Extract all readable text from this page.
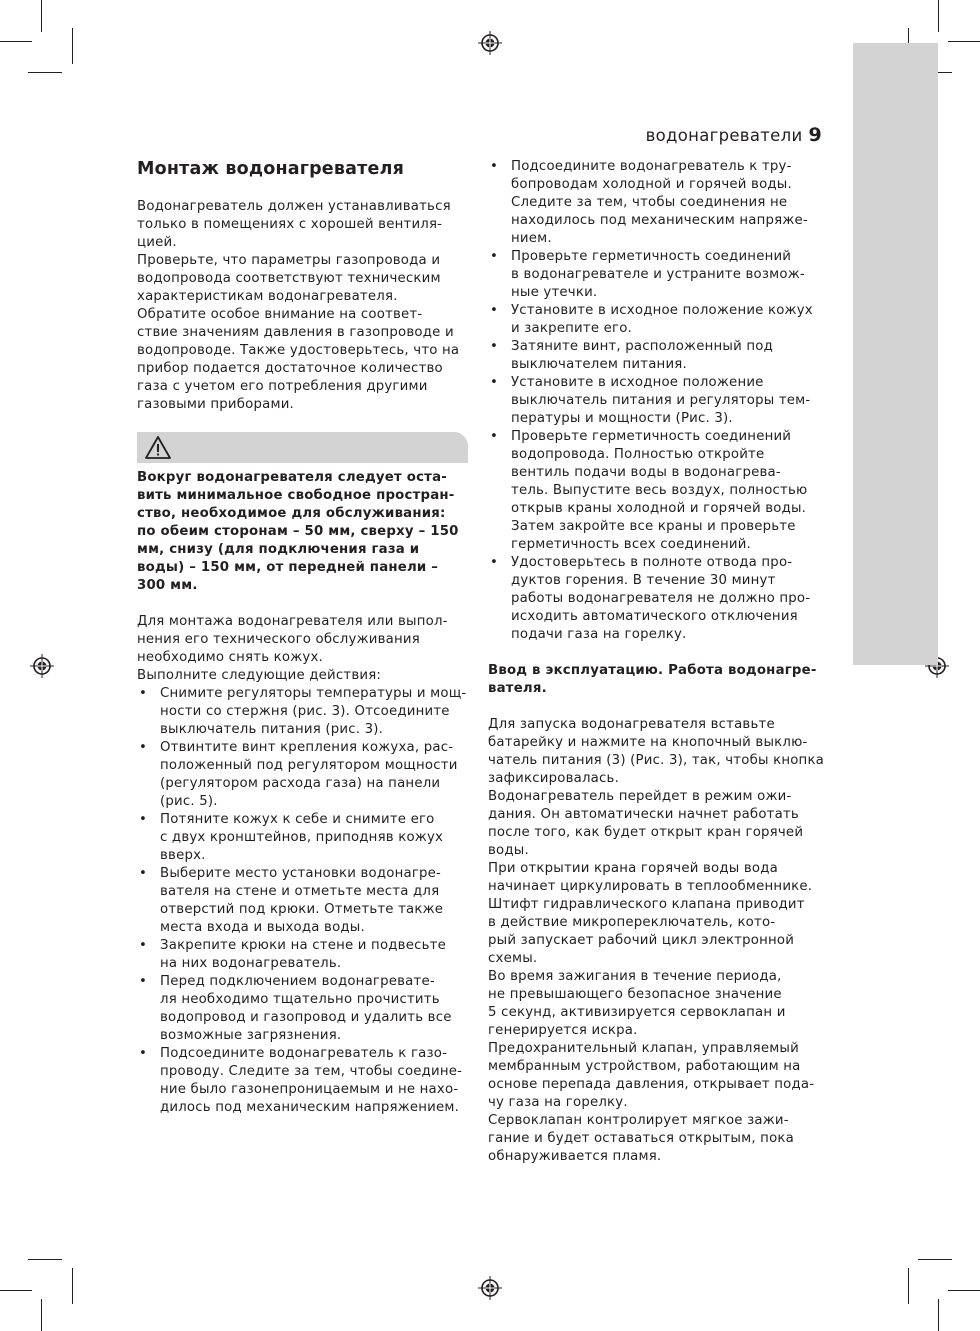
водонагреватели 9
Монтаж водонагревателя

Водонагреватель должен устанавливаться

только в помещениях с хорошей вентиля-

цией.

Проверьте, что параметры газопровода и

водопровода соответствуют техническим

характеристикам водонагревателя.

Обратите особое внимание на соответ-

ствие значениям давления в газопроводе и

водопроводе. Также удостоверьтесь, что на

прибор подается достаточное количество

газа с учетом его потребления другими

газовыми приборами.

Вокруг водонагревателя следует оста-

вить минимальное свободное простран-

ство, необходимое для обслуживания:

по обеим сторонам – 50 мм, сверху – 150

мм, снизу (для подключения газа и

воды) – 150 мм, от передней панели –

300 мм.

Для монтажа водонагревателя или выпол-

нения его технического обслуживания

необходимо снять кожух.

Выполните следующие действия:

• Снимите регуляторы температуры и мощ-

ности со стержня (рис. 3). Отсоедините

выключатель питания (рис. 3).

• Отвинтите винт крепления кожуха, рас-

положенный под регулятором мощности

(регулятором расхода газа) на панели

(рис. 5).

• Потяните кожух к себе и снимите его

с двух кронштейнов, приподняв кожух

вверх.

• Выберите место установки водонагре-

вателя на стене и отметьте места для

отверстий под крюки. Отметьте также

места входа и выхода воды.

• Закрепите крюки на стене и подвесьте

на них водонагреватель.

• Перед подключением водонагревате-

ля необходимо тщательно прочистить

водопровод и газопровод и удалить все

возможные загрязнения.

• Подсоедините водонагреватель к газо-

проводу. Следите за тем, чтобы соедине-

ние было газонепроницаемым и не нахо-

дилось под механическим напряжением.

• Подсоедините водонагреватель к тру-

бопроводам холодной и горячей воды.

Следите за тем, чтобы соединения не

находилось под механическим напряже-

нием.

• Проверьте герметичность соединений

в водонагревателе и устраните возмож-

ные утечки.

• Установите в исходное положение кожух

и закрепите его.

• Затяните винт, расположенный под

выключателем питания.

• Установите в исходное положение

выключатель питания и регуляторы тем-

пературы и мощности (Рис. 3).

• Проверьте герметичность соединений

водопровода. Полностью откройте

вентиль подачи воды в водонагрева-

тель. Выпустите весь воздух, полностью

открыв краны холодной и горячей воды.

Затем закройте все краны и проверьте

герметичность всех соединений.

• Удостоверьтесь в полноте отвода про-

дуктов горения. В течение 30 минут

работы водонагревателя не должно про-

исходить автоматического отключения

подачи газа на горелку.

Ввод в эксплуатацию. Работа водонагре-

вателя.

Для запуска водонагревателя вставьте

батарейку и нажмите на кнопочный выклю-

чатель питания (3) (Рис. 3), так, чтобы кнопка

зафиксировалась.

Водонагреватель перейдет в режим ожи-

дания. Он автоматически начнет работать

после того, как будет открыт кран горячей

воды.

При открытии крана горячей воды вода

начинает циркулировать в теплообменнике.

Штифт гидравлического клапана приводит

в действие микропереключатель, кото-

рый запускает рабочий цикл электронной

схемы.

Во время зажигания в течение периода,

не превышающего безопасное значение

5 секунд, активизируется сервоклапан и

генерируется искра.

Предохранительный клапан, управляемый

мембранным устройством, работающим на

основе перепада давления, открывает пода-

чу газа на горелку.

Сервоклапан контролирует мягкое зажи-

гание и будет оставаться открытым, пока

обнаруживается пламя.
